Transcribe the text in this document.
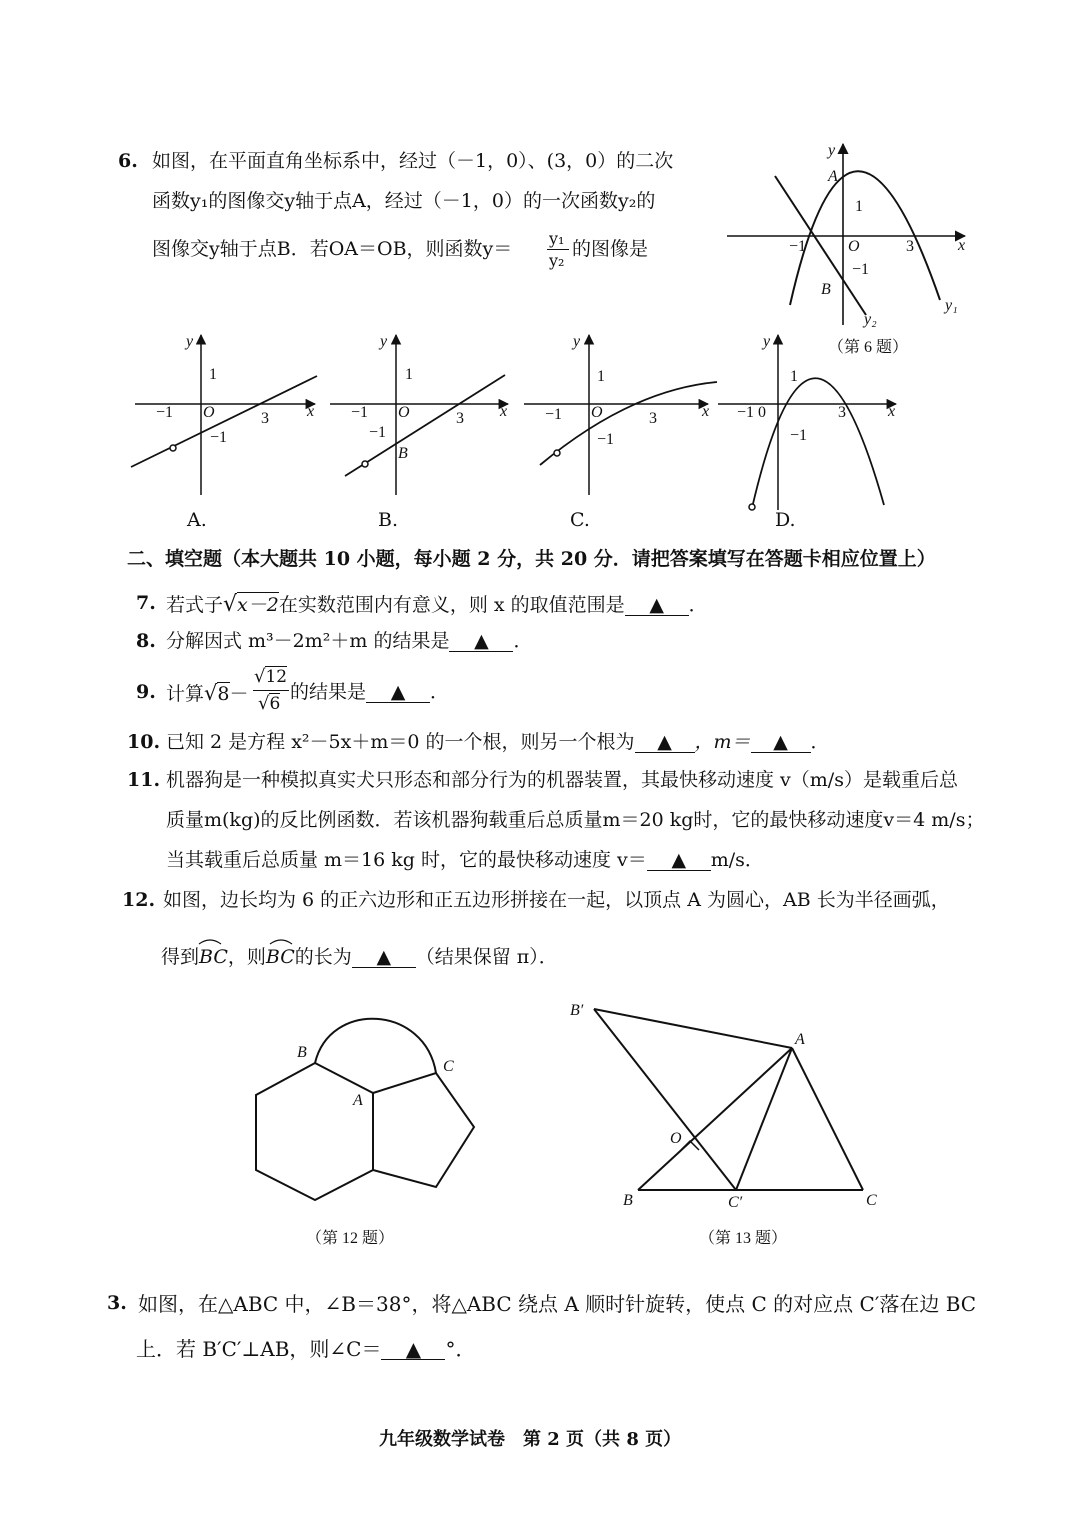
6. 如图，在平面直角坐标系中，经过（－1，0）、(3，0）的二次
函数y₁的图像交y轴于点A，经过（－1，0）的一次函数y₂的
图像交y轴于点B．若OA＝OB，则函数y＝ y₁
y₂
的图像是
y
x
A
1
−1	O	3
−1
B
y₂
y₁
（第 6 题）
y
x
1
−1 O	3
−1
y
x
1
−1 O	3
−1
B
y
x
1
−1 O	3
−1
y
x
1
−1 0	3
−1
A.	B.	C.	D.
二、填空题（本大题共 10 小题，每小题 2 分，共 20 分．请把答案填写在答题卡相应位置上）
7. 若式子√x－2在实数范围内有意义，则 x 的取值范围是 ▲ ．
8. 分解因式 m³－2m²＋m 的结果是 ▲ ．
9. 计算√8－
√12
√6
的结果是 ▲ ．
10. 已知 2 是方程 x²－5x＋m＝0 的一个根，则另一个根为 ▲ ，m＝ ▲ ．
11. 机器狗是一种模拟真实犬只形态和部分行为的机器装置，其最快移动速度 v（m/s）是载重后总
质量m(kg)的反比例函数．若该机器狗载重后总质量m＝20 kg时，它的最快移动速度v＝4 m/s；
当其载重后总质量 m＝16 kg 时，它的最快移动速度 v＝ ▲ m/s．
12. 如图，边长均为 6 的正六边形和正五边形拼接在一起，以顶点 A 为圆心，AB 长为半径画弧，
得到BC，则BC的长为 ▲ （结果保留 π）．
B
C
A
（第 12 题）
B′
A
O
B	C′	C
（第 13 题）
3. 如图，在△ABC 中，∠B＝38°，将△ABC 绕点 A 顺时针旋转，使点 C 的对应点 C′落在边 BC
上．若 B′C′⊥AB，则∠C＝ ▲ °．
九年级数学试卷　第 2 页（共 8 页）
